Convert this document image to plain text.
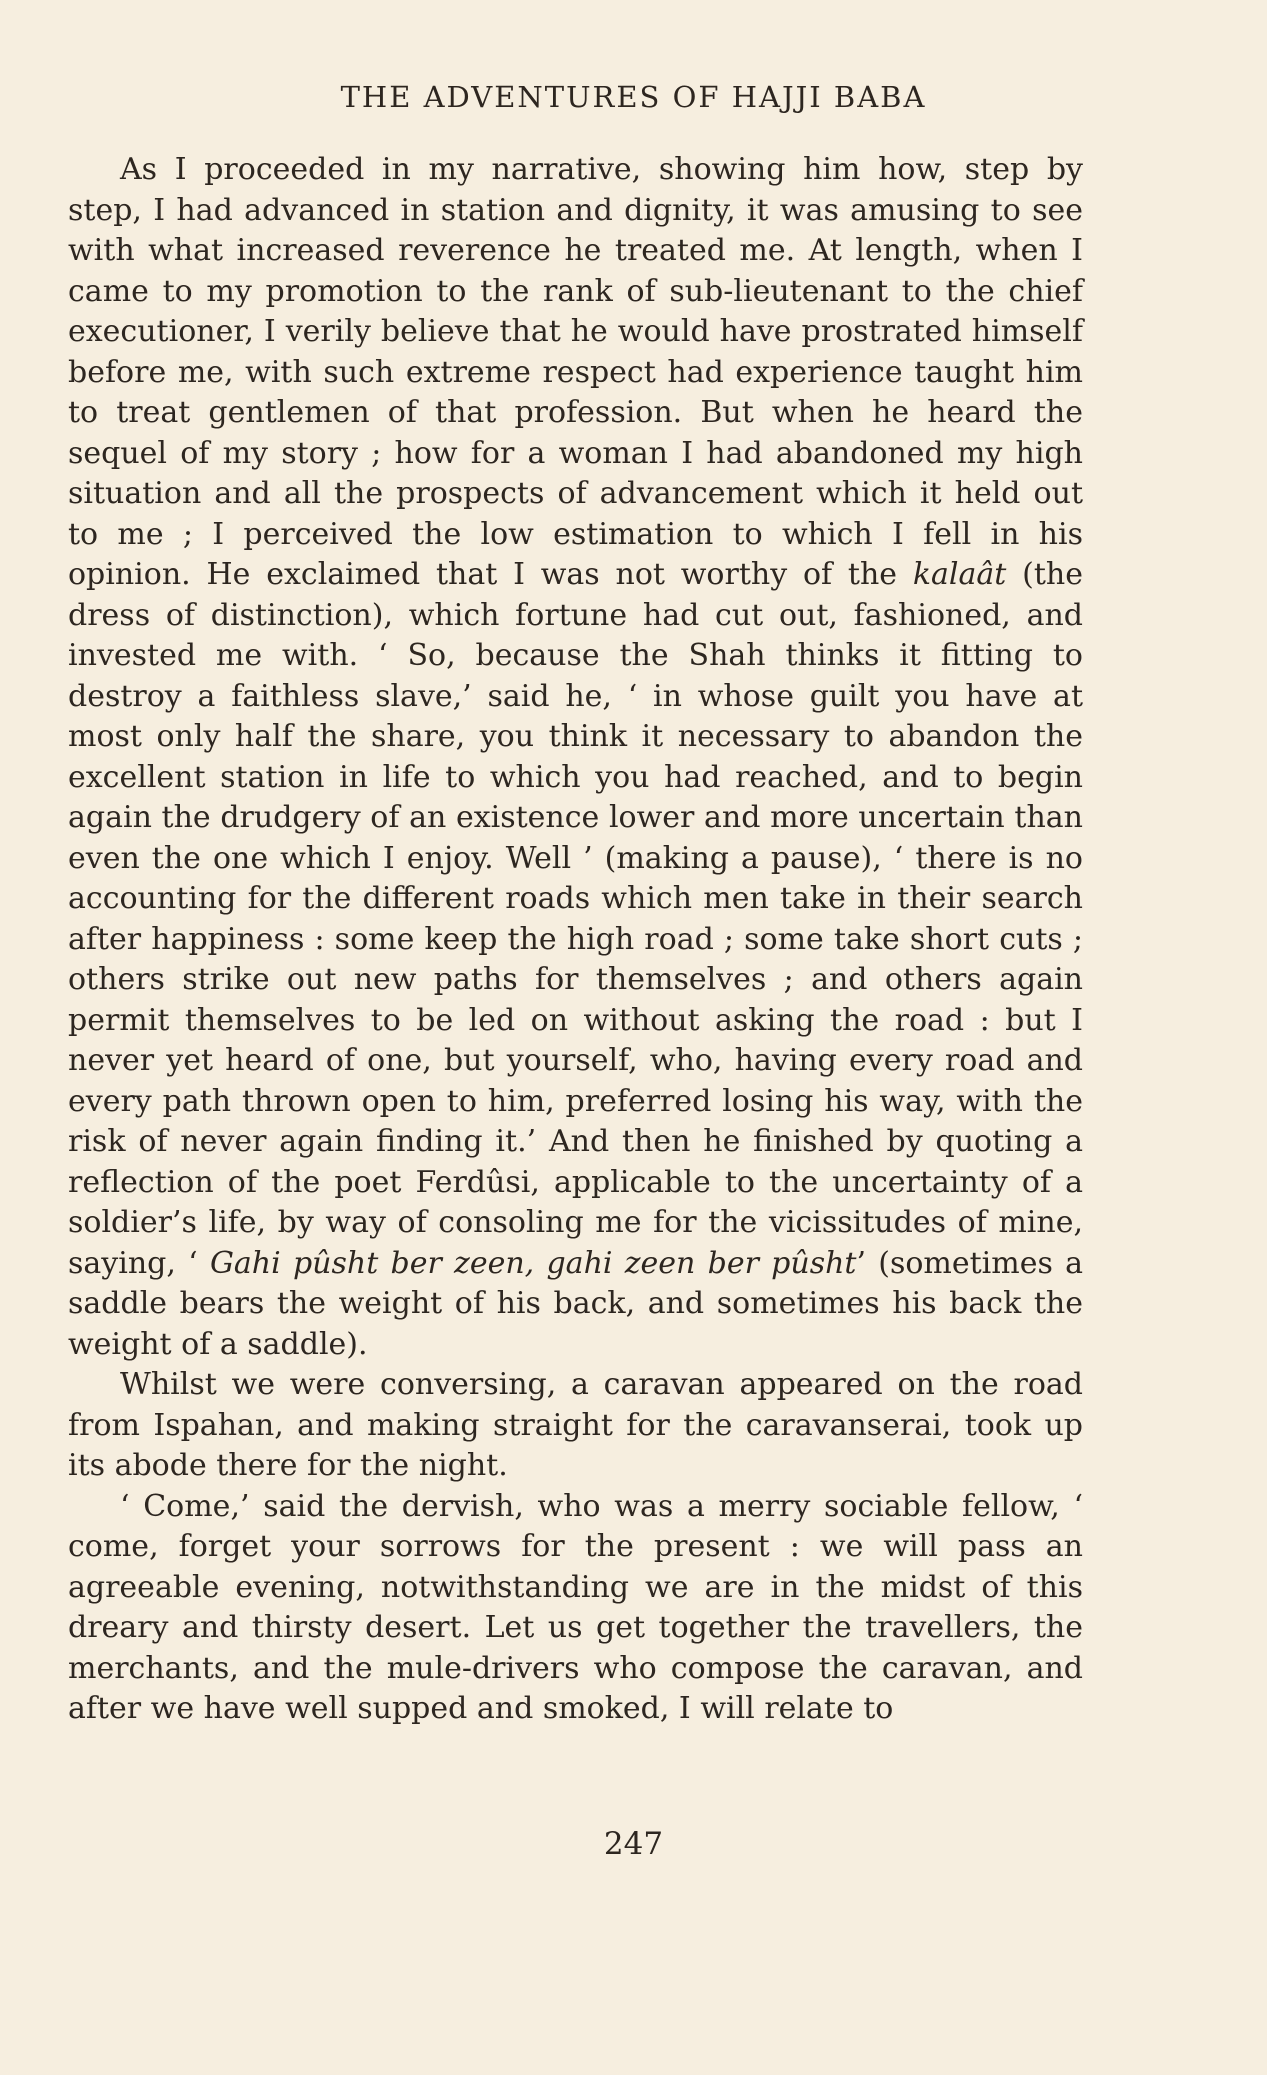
THE ADVENTURES OF HAJJI BABA

As I proceeded in my narrative, showing him how, step by step, I had advanced in station and dignity, it was amusing to see with what increased reverence he treated me. At length, when I came to my promotion to the rank of sub-lieutenant to the chief executioner, I verily believe that he would have prostrated himself before me, with such extreme respect had experience taught him to treat gentlemen of that profession. But when he heard the sequel of my story ; how for a woman I had abandoned my high situation and all the prospects of advancement which it held out to me ; I perceived the low estimation to which I fell in his opinion. He exclaimed that I was not worthy of the kalaât (the dress of distinction), which fortune had cut out, fashioned, and invested me with. ‘ So, because the Shah thinks it fitting to destroy a faithless slave,’ said he, ‘ in whose guilt you have at most only half the share, you think it necessary to abandon the excellent station in life to which you had reached, and to begin again the drudgery of an existence lower and more uncertain than even the one which I enjoy. Well ’ (making a pause), ‘ there is no accounting for the different roads which men take in their search after happiness : some keep the high road ; some take short cuts ; others strike out new paths for themselves ; and others again permit themselves to be led on without asking the road : but I never yet heard of one, but yourself, who, having every road and every path thrown open to him, preferred losing his way, with the risk of never again finding it.’ And then he finished by quoting a reflection of the poet Ferdûsi, applicable to the uncertainty of a soldier’s life, by way of consoling me for the vicissitudes of mine, saying, ‘ Gahi pûsht ber zeen, gahi zeen ber pûsht’ (sometimes a saddle bears the weight of his back, and sometimes his back the weight of a saddle).

Whilst we were conversing, a caravan appeared on the road from Ispahan, and making straight for the caravanserai, took up its abode there for the night.

‘ Come,’ said the dervish, who was a merry sociable fellow, ‘ come, forget your sorrows for the present : we will pass an agreeable evening, notwithstanding we are in the midst of this dreary and thirsty desert. Let us get together the travellers, the merchants, and the mule-drivers who compose the caravan, and after we have well supped and smoked, I will relate to

247
